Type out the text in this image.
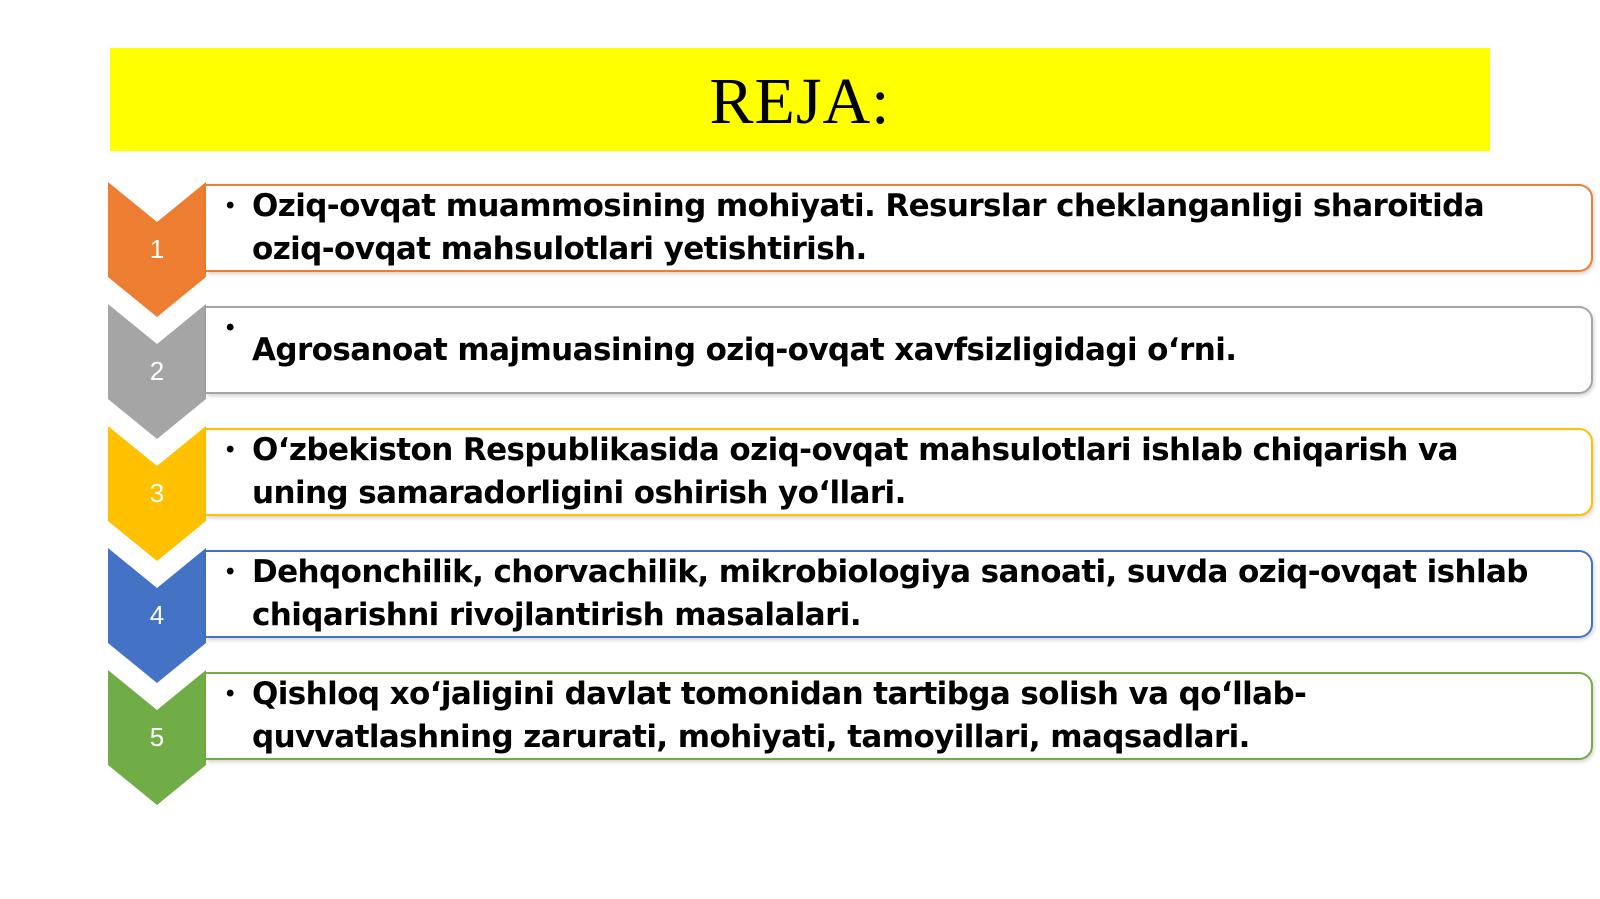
REJA:
1
• Oziq-ovqat muammosining mohiyati. Resurslar cheklanganligi sharoitida oziq-ovqat mahsulotlari yetishtirish.
2
•
Agrosanoat majmuasining oziq-ovqat xavfsizligidagi o‘rni.
3
• O‘zbekiston Respublikasida oziq-ovqat mahsulotlari ishlab chiqarish va uning samaradorligini oshirish yo‘llari.
4
• Dehqonchilik, chorvachilik, mikrobiologiya sanoati, suvda oziq-ovqat ishlab chiqarishni rivojlantirish masalalari.
5
• Qishloq xo‘jaligini davlat tomonidan tartibga solish va qo‘llab-quvvatlashning zarurati, mohiyati, tamoyillari, maqsadlari.
